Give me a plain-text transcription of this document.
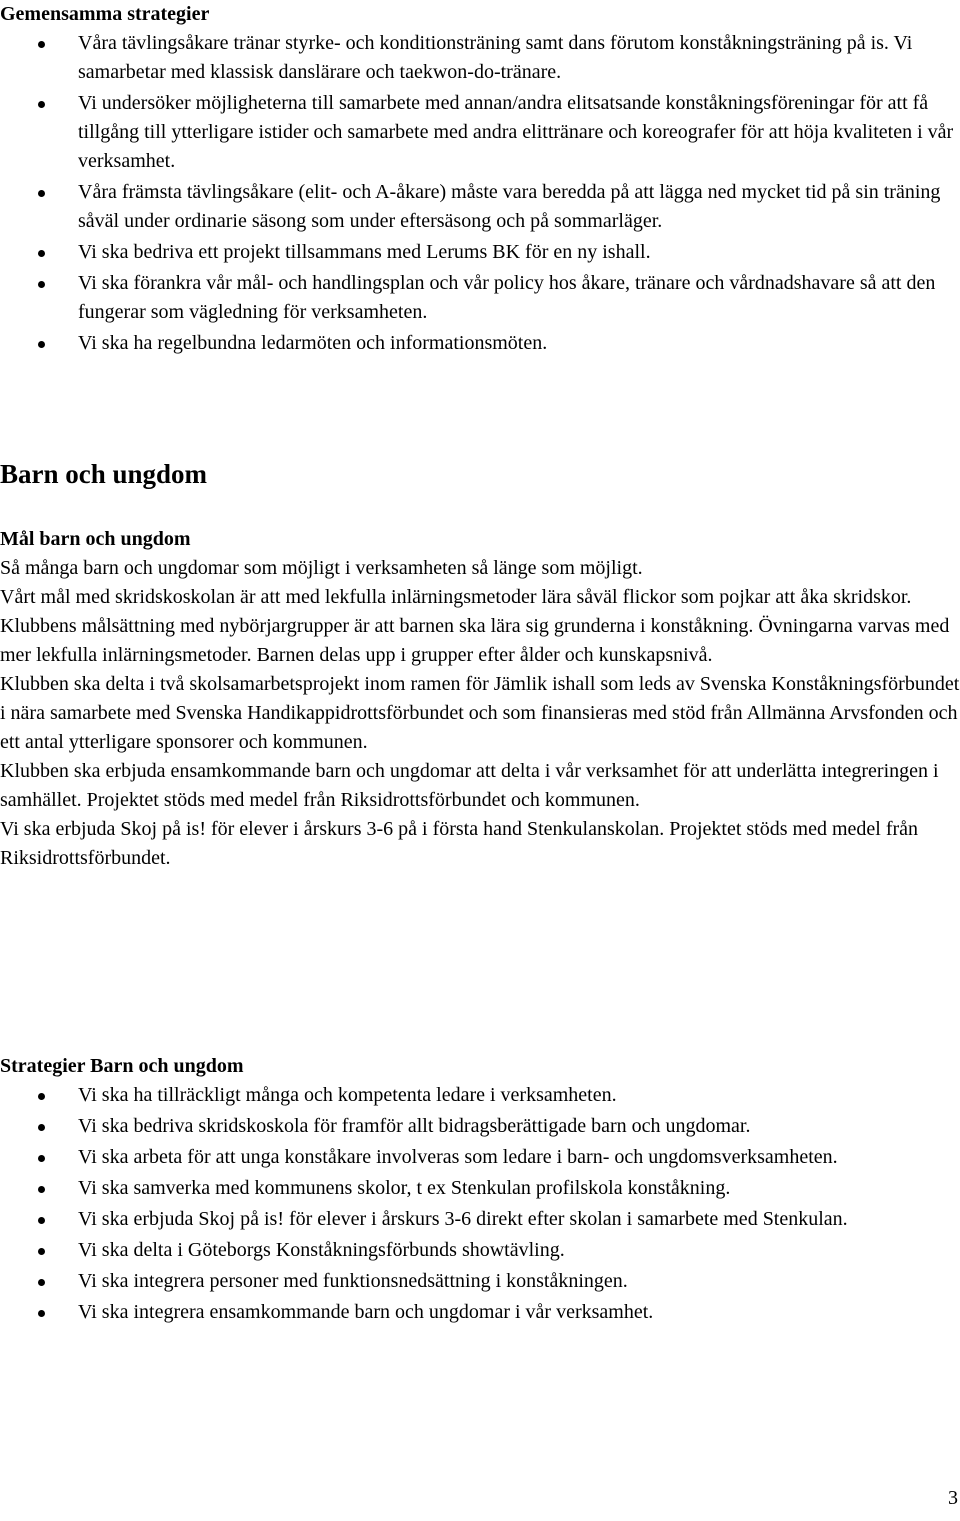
Gemensamma strategier
Våra tävlingsåkare tränar styrke- och konditionsträning samt dans förutom konståkningsträning på is. Vi samarbetar med klassisk danslärare och taekwon-do-tränare.
Vi undersöker möjligheterna till samarbete med annan/andra elitsatsande konståkningsföreningar för att få tillgång till ytterligare istider och samarbete med andra elittränare och koreografer för att höja kvaliteten i vår verksamhet.
Våra främsta tävlingsåkare (elit- och A-åkare) måste vara beredda på att lägga ned mycket tid på sin träning såväl under ordinarie säsong som under eftersäsong och på sommarläger.
Vi ska bedriva ett projekt tillsammans med Lerums BK för en ny ishall.
Vi ska förankra vår mål- och handlingsplan och vår policy hos åkare, tränare och vårdnadshavare så att den fungerar som vägledning för verksamheten.
Vi ska ha regelbundna ledarmöten och informationsmöten.
Barn och ungdom
Mål barn och ungdom

Så många barn och ungdomar som möjligt i verksamheten så länge som möjligt.

Vårt mål med skridskoskolan är att med lekfulla inlärningsmetoder lära såväl flickor som pojkar att åka skridskor.

Klubbens målsättning med nybörjargrupper är att barnen ska lära sig grunderna i konståkning. Övningarna varvas med mer lekfulla inlärningsmetoder. Barnen delas upp i grupper efter ålder och kunskapsnivå.

Klubben ska delta i två skolsamarbetsprojekt inom ramen för Jämlik ishall som leds av Svenska Konståkningsförbundet i nära samarbete med Svenska Handikappidrottsförbundet och som finansieras med stöd från Allmänna Arvsfonden och ett antal ytterligare sponsorer och kommunen.

Klubben ska erbjuda ensamkommande barn och ungdomar att delta i vår verksamhet för att underlätta integreringen i samhället. Projektet stöds med medel från Riksidrottsförbundet och kommunen.

Vi ska erbjuda Skoj på is! för elever i årskurs 3-6 på i första hand Stenkulanskolan. Projektet stöds med medel från Riksidrottsförbundet.

Strategier Barn och ungdom
Vi ska ha tillräckligt många och kompetenta ledare i verksamheten.
Vi ska bedriva skridskoskola för framför allt bidragsberättigade barn och ungdomar.
Vi ska arbeta för att unga konståkare involveras som ledare i barn- och ungdomsverksamheten.
Vi ska samverka med kommunens skolor, t ex Stenkulan profilskola konståkning.
Vi ska erbjuda Skoj på is! för elever i årskurs 3-6 direkt efter skolan i samarbete med Stenkulan.
Vi ska delta i Göteborgs Konståkningsförbunds showtävling.
Vi ska integrera personer med funktionsnedsättning i konståkningen.
Vi ska integrera ensamkommande barn och ungdomar i vår verksamhet.
3
